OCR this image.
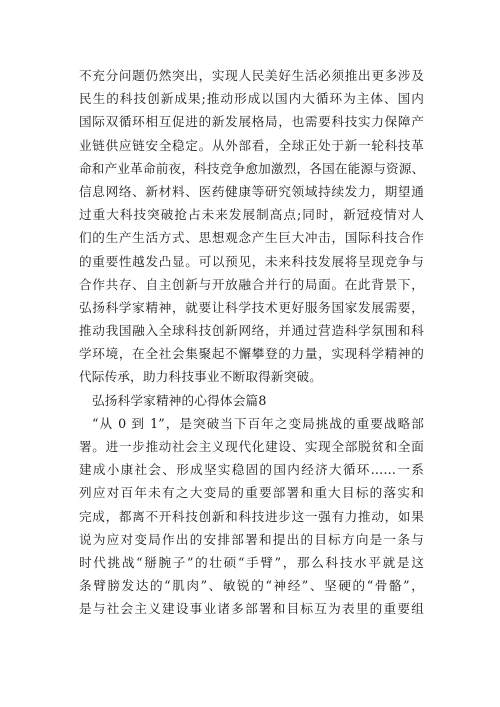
不充分问题仍然突出，实现人民美好生活必须推出更多涉及
民生的科技创新成果;推动形成以国内大循环为主体、国内
国际双循环相互促进的新发展格局，也需要科技实力保障产
业链供应链安全稳定。从外部看，全球正处于新一轮科技革
命和产业革命前夜，科技竞争愈加激烈，各国在能源与资源、
信息网络、新材料、医药健康等研究领域持续发力，期望通
过重大科技突破抢占未来发展制高点;同时，新冠疫情对人
们的生产生活方式、思想观念产生巨大冲击，国际科技合作
的重要性越发凸显。可以预见，未来科技发展将呈现竞争与
合作共存、自主创新与开放融合并行的局面。在此背景下，
弘扬科学家精神，就要让科学技术更好服务国家发展需要，
推动我国融入全球科技创新网络，并通过营造科学氛围和科
学环境，在全社会集聚起不懈攀登的力量，实现科学精神的
代际传承，助力科技事业不断取得新突破。
弘扬科学家精神的心得体会篇8
“从 0 到 1”，是突破当下百年之变局挑战的重要战略部
署。进一步推动社会主义现代化建设、实现全部脱贫和全面
建成小康社会、形成坚实稳固的国内经济大循环……一系
列应对百年未有之大变局的重要部署和重大目标的落实和
完成，都离不开科技创新和科技进步这一强有力推动，如果
说为应对变局作出的安排部署和提出的目标方向是一条与
时代挑战“掰腕子”的壮硕“手臂”，那么科技水平就是这
条臂膀发达的“肌肉”、敏锐的“神经”、坚硬的“骨骼”，
是与社会主义建设事业诸多部署和目标互为表里的重要组
